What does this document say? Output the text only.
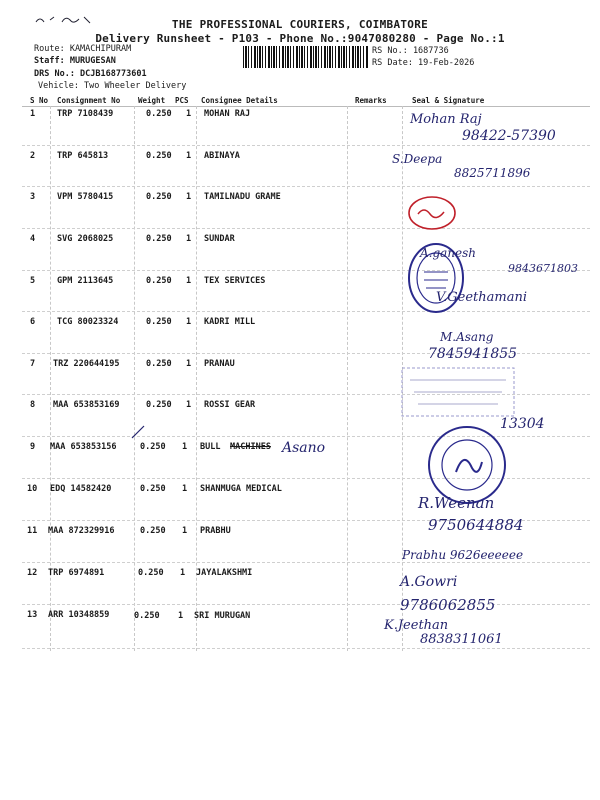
THE PROFESSIONAL COURIERS, COIMBATORE
Delivery Runsheet - P103 - Phone No.:9047080280 - Page No.:1
Route: KAMACHIPURAM
Staff: MURUGESAN
DRS No.: DCJB168773601
Vehicle: Two Wheeler Delivery
RS No.: 1687736
RS Date: 19-Feb-2026
S No Consignment No Weight PCS Consignee Details	Remarks	Seal & Signature
1	TRP 7108439	0.250 1 MOHAN RAJ
2	TRP 645813	0.250 1 ABINAYA
3	VPM 5780415	0.250 1 TAMILNADU GRAME
4	SVG 2068025	0.250 1 SUNDAR
5	GPM 2113645	0.250 1 TEX SERVICES
6	TCG 80023324	0.250 1 KADRI MILL
7 TRZ 220644195	0.250 1 PRANAU
8 MAA 653853169	0.250 1 ROSSI GEAR
9 MAA 653853156	0.250 1 BULL MACHINES
10 EDQ 14582420	0.250 1 SHANMUGA MEDICAL
11 MAA 872329916	0.250 1 PRABHU
12 TRP 6974891	0.250 1 JAYALAKSHMI
13 ARR 10348859	0.250 1 SRI MURUGAN
Mohan Raj
98422-57390
S.Deepa
8825711896
A.ganesh
9843671803
V.Geethamani
M.Asang
7845941855
13304
Asano
R.Weenan
9750644884
Prabhu 9626eeeeee
A.Gowri
9786062855
K.Jeethan
8838311061
